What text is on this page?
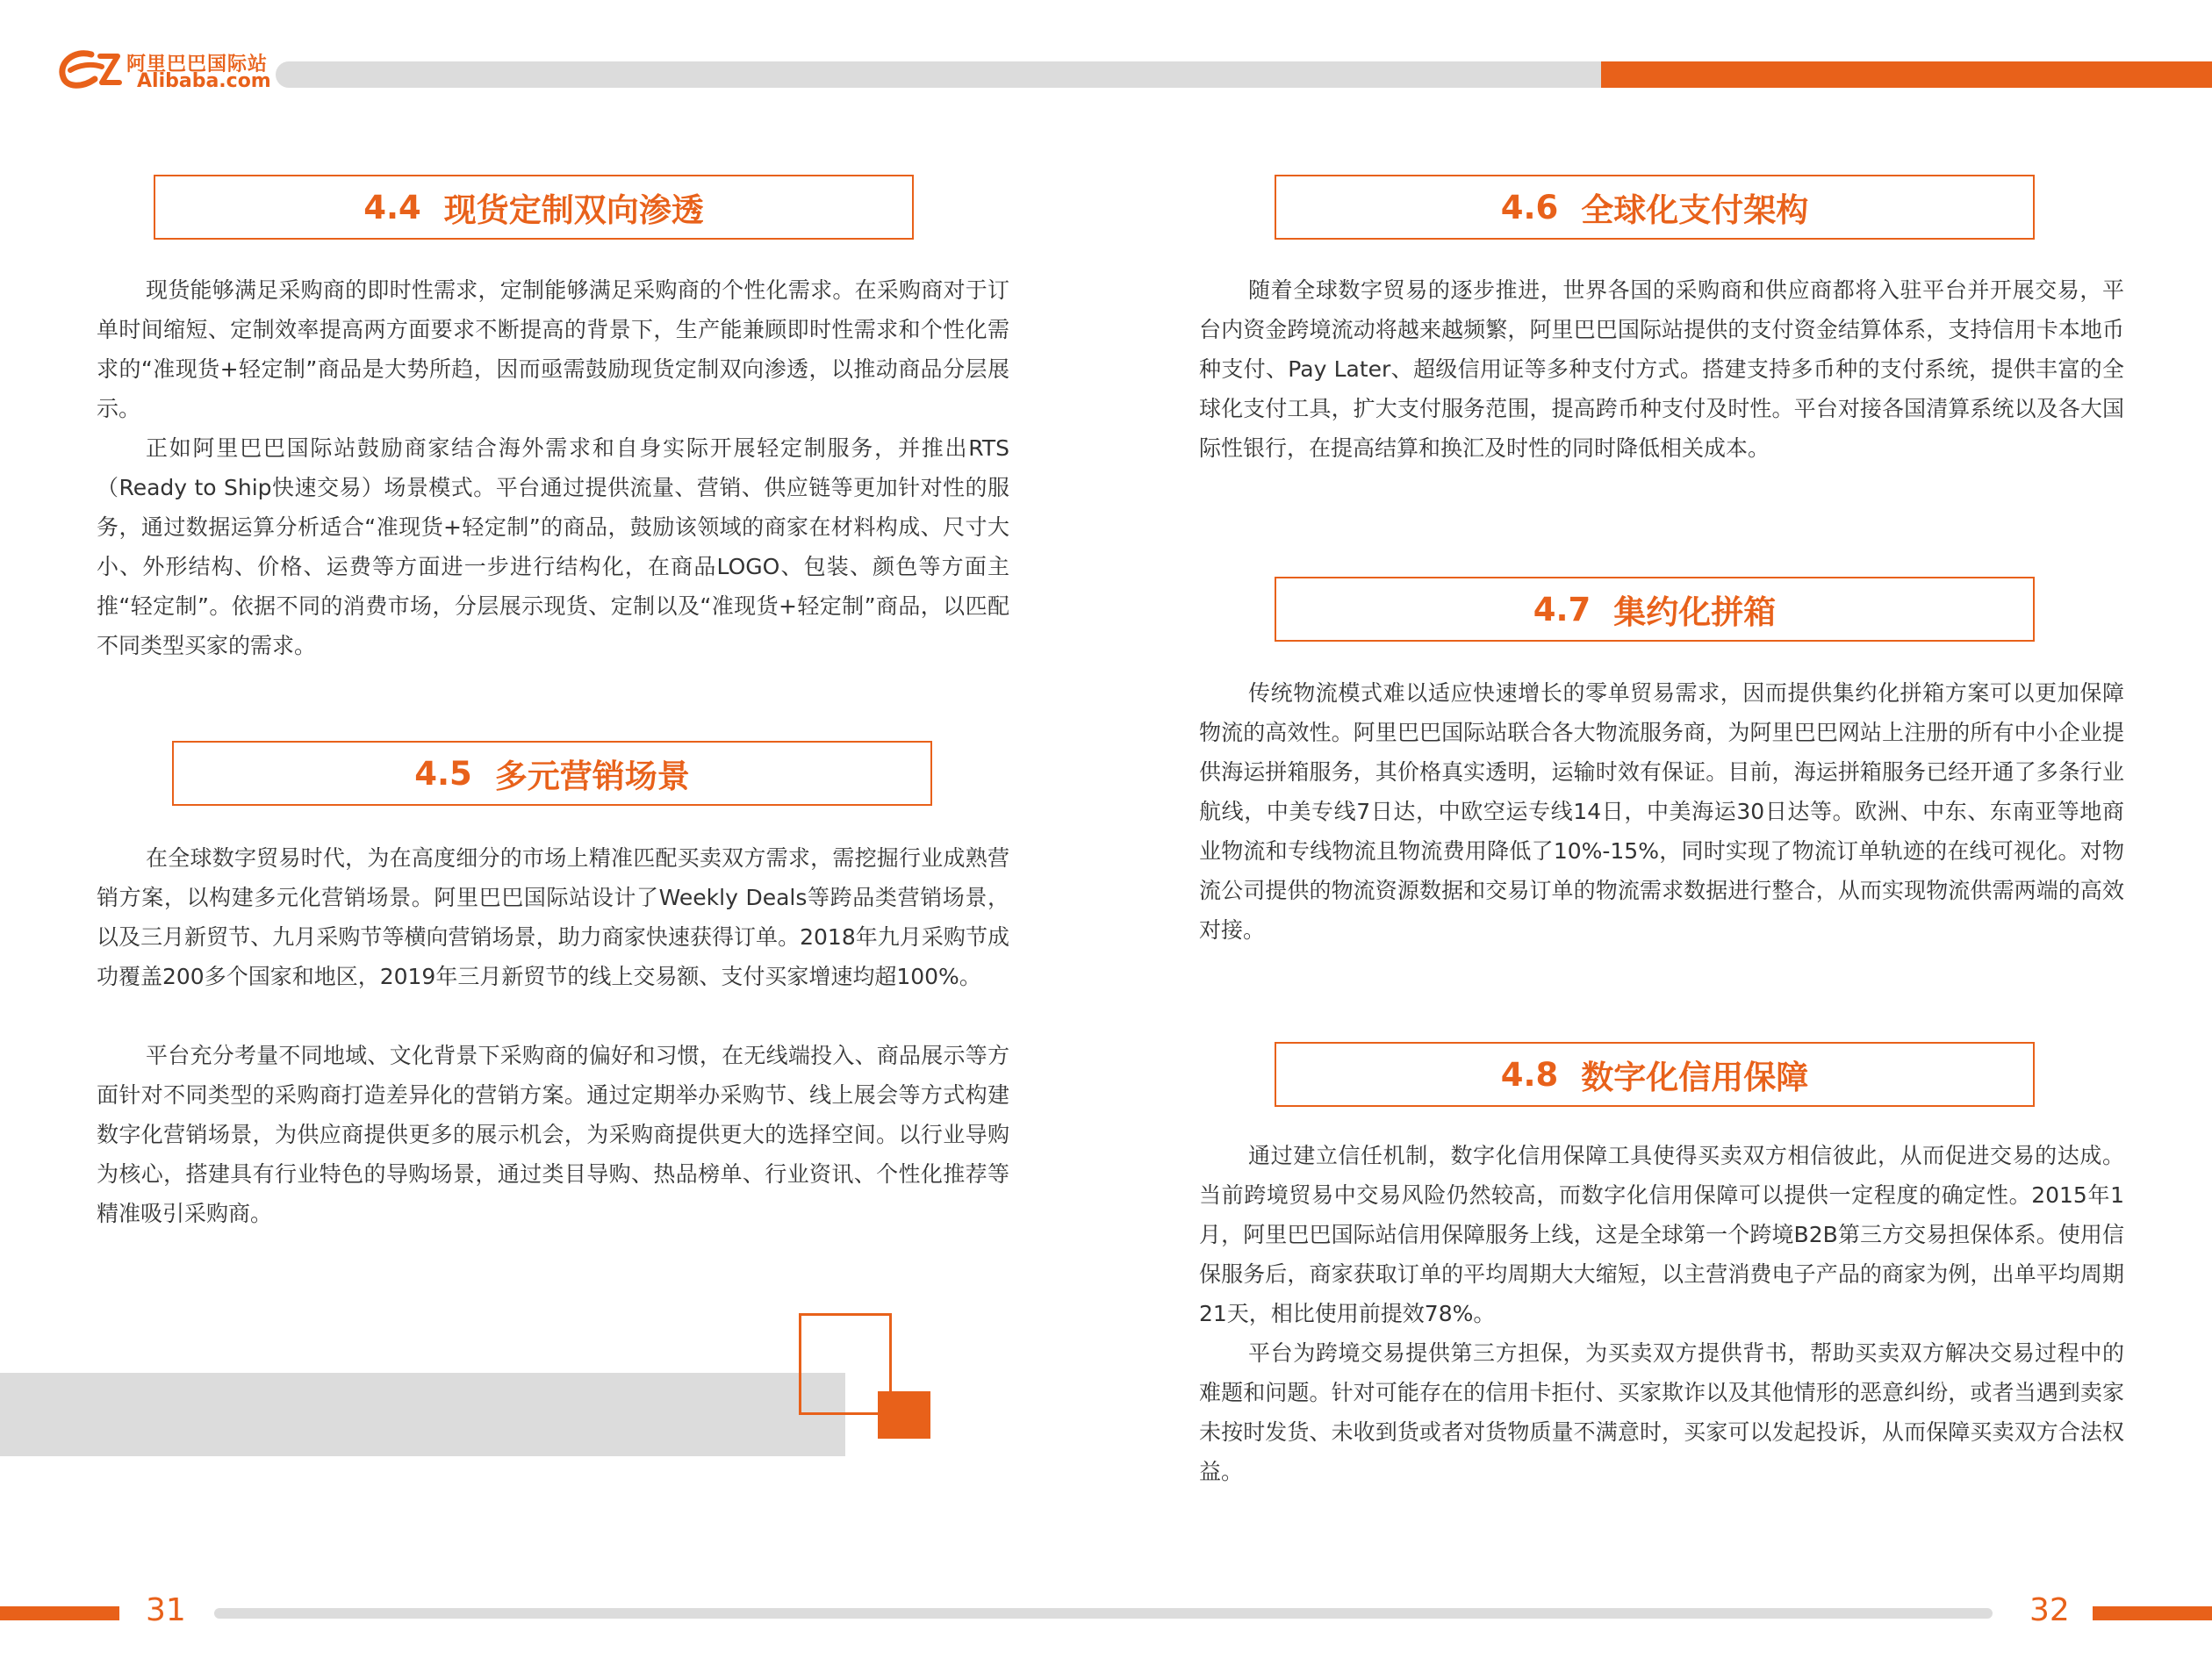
阿里巴巴国际站
Alibaba.com
4.4 现货定制双向渗透

现货能够满足采购商的即时性需求，定制能够满足采购商的个性化需求。在采购商对于订单时间缩短、定制效率提高两方面要求不断提高的背景下，生产能兼顾即时性需求和个性化需求的“准现货+轻定制”商品是大势所趋，因而亟需鼓励现货定制双向渗透，以推动商品分层展示。

正如阿里巴巴国际站鼓励商家结合海外需求和自身实际开展轻定制服务，并推出RTS （Ready to Ship快速交易）场景模式。平台通过提供流量、营销、供应链等更加针对性的服务，通过数据运算分析适合“准现货+轻定制”的商品，鼓励该领域的商家在材料构成、尺寸大小、外形结构、价格、运费等方面进一步进行结构化，在商品LOGO、包装、颜色等方面主推“轻定制”。依据不同的消费市场，分层展示现货、定制以及“准现货+轻定制”商品，以匹配不同类型买家的需求。

4.5 多元营销场景

在全球数字贸易时代，为在高度细分的市场上精准匹配买卖双方需求，需挖掘行业成熟营销方案，以构建多元化营销场景。阿里巴巴国际站设计了Weekly Deals等跨品类营销场景，以及三月新贸节、九月采购节等横向营销场景，助力商家快速获得订单。2018年九月采购节成功覆盖200多个国家和地区，2019年三月新贸节的线上交易额、支付买家增速均超100%。

平台充分考量不同地域、文化背景下采购商的偏好和习惯，在无线端投入、商品展示等方面针对不同类型的采购商打造差异化的营销方案。通过定期举办采购节、线上展会等方式构建数字化营销场景，为供应商提供更多的展示机会，为采购商提供更大的选择空间。以行业导购为核心，搭建具有行业特色的导购场景，通过类目导购、热品榜单、行业资讯、个性化推荐等精准吸引采购商。

4.6 全球化支付架构

随着全球数字贸易的逐步推进，世界各国的采购商和供应商都将入驻平台并开展交易，平台内资金跨境流动将越来越频繁，阿里巴巴国际站提供的支付资金结算体系，支持信用卡本地币种支付、Pay Later、超级信用证等多种支付方式。搭建支持多币种的支付系统，提供丰富的全球化支付工具，扩大支付服务范围，提高跨币种支付及时性。平台对接各国清算系统以及各大国际性银行，在提高结算和换汇及时性的同时降低相关成本。

4.7 集约化拼箱

传统物流模式难以适应快速增长的零单贸易需求，因而提供集约化拼箱方案可以更加保障物流的高效性。阿里巴巴国际站联合各大物流服务商，为阿里巴巴网站上注册的所有中小企业提供海运拼箱服务，其价格真实透明，运输时效有保证。目前，海运拼箱服务已经开通了多条行业航线，中美专线7日达，中欧空运专线14日，中美海运30日达等。欧洲、中东、东南亚等地商业物流和专线物流且物流费用降低了10%-15%，同时实现了物流订单轨迹的在线可视化。对物流公司提供的物流资源数据和交易订单的物流需求数据进行整合，从而实现物流供需两端的高效对接。

4.8 数字化信用保障

通过建立信任机制，数字化信用保障工具使得买卖双方相信彼此，从而促进交易的达成。当前跨境贸易中交易风险仍然较高，而数字化信用保障可以提供一定程度的确定性。2015年1月，阿里巴巴国际站信用保障服务上线，这是全球第一个跨境B2B第三方交易担保体系。使用信保服务后，商家获取订单的平均周期大大缩短，以主营消费电子产品的商家为例，出单平均周期21天，相比使用前提效78%。

平台为跨境交易提供第三方担保，为买卖双方提供背书，帮助买卖双方解决交易过程中的难题和问题。针对可能存在的信用卡拒付、买家欺诈以及其他情形的恶意纠纷，或者当遇到卖家未按时发货、未收到货或者对货物质量不满意时，买家可以发起投诉，从而保障买卖双方合法权益。

31	32
